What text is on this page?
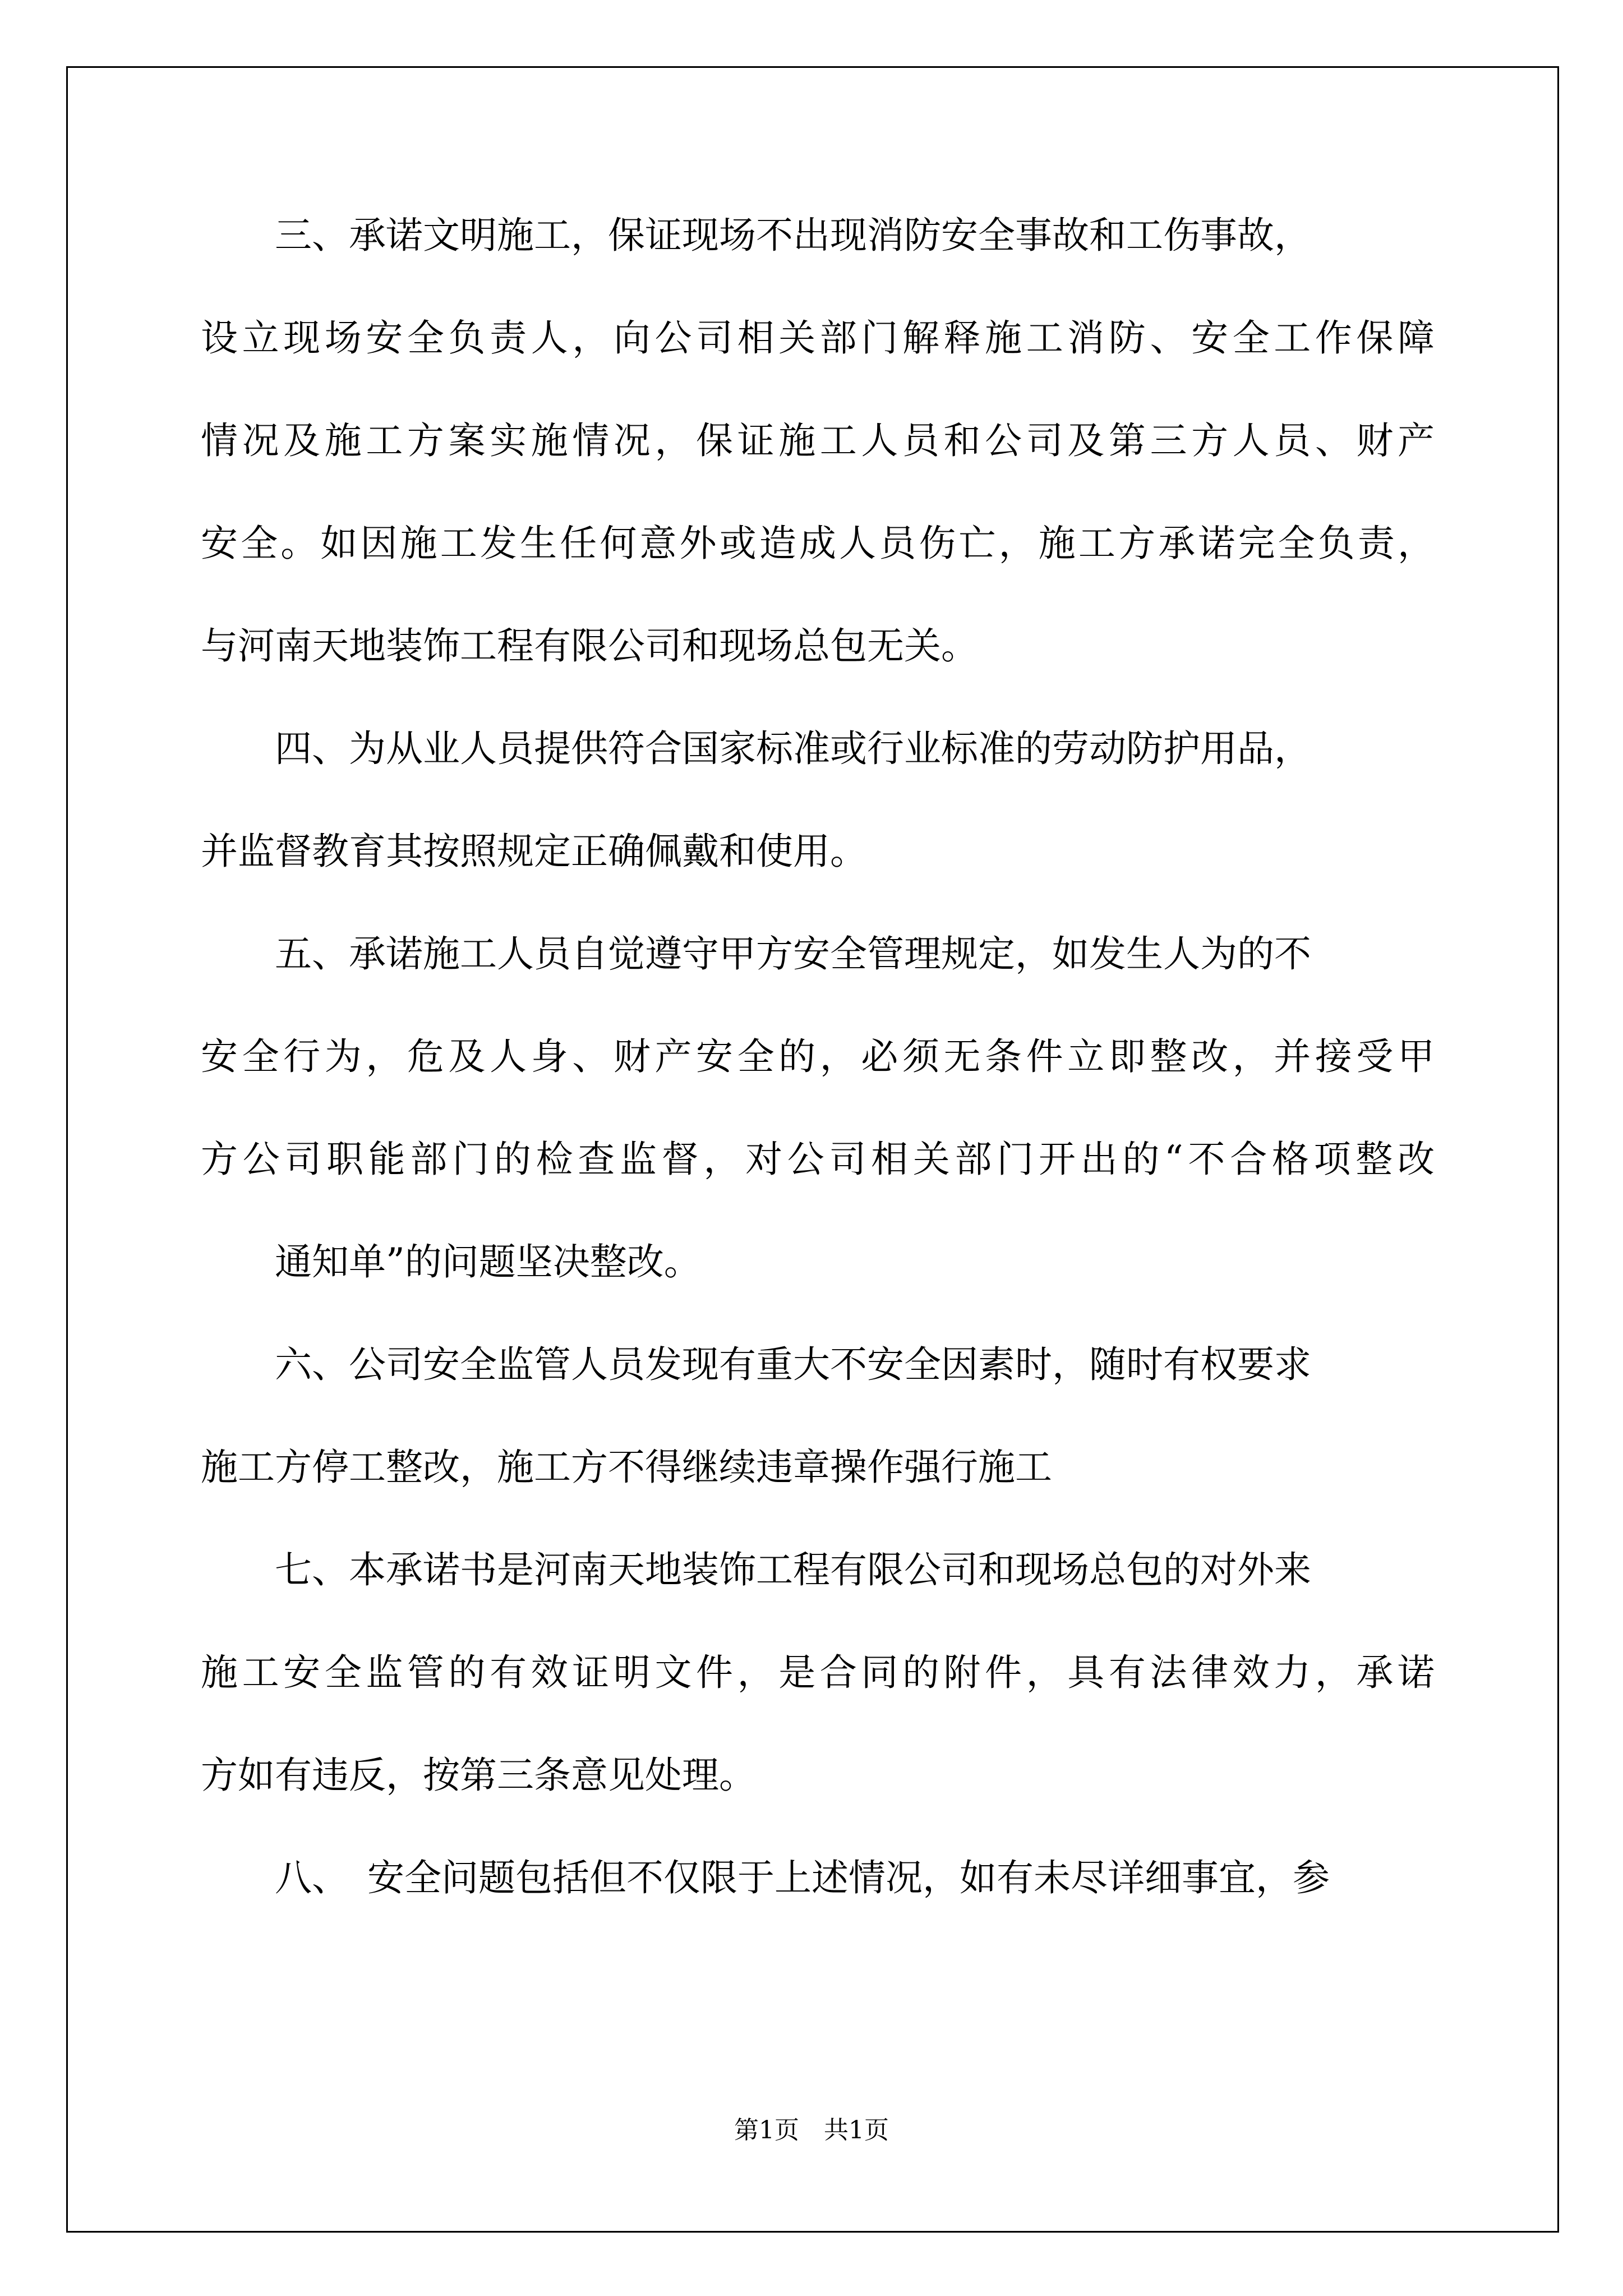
　　三、承诺文明施工，保证现场不出现消防安全事故和工伤事故，
设立现场安全负责人，向公司相关部门解释施工消防、安全工作保障
情况及施工方案实施情况，保证施工人员和公司及第三方人员、财产
安全。如因施工发生任何意外或造成人员伤亡，施工方承诺完全负责，
与河南天地装饰工程有限公司和现场总包无关。
　　四、为从业人员提供符合国家标准或行业标准的劳动防护用品，
并监督教育其按照规定正确佩戴和使用。
　　五、承诺施工人员自觉遵守甲方安全管理规定，如发生人为的不
安全行为，危及人身、财产安全的，必须无条件立即整改，并接受甲
方公司职能部门的检查监督，对公司相关部门开出的“不合格项整改
　　通知单”的问题坚决整改。
　　六、公司安全监管人员发现有重大不安全因素时，随时有权要求
施工方停工整改，施工方不得继续违章操作强行施工
　　七、本承诺书是河南天地装饰工程有限公司和现场总包的对外来
施工安全监管的有效证明文件，是合同的附件，具有法律效力，承诺
方如有违反，按第三条意见处理。
　　八、　安全问题包括但不仅限于上述情况，如有未尽详细事宜，参
第1页　共1页
